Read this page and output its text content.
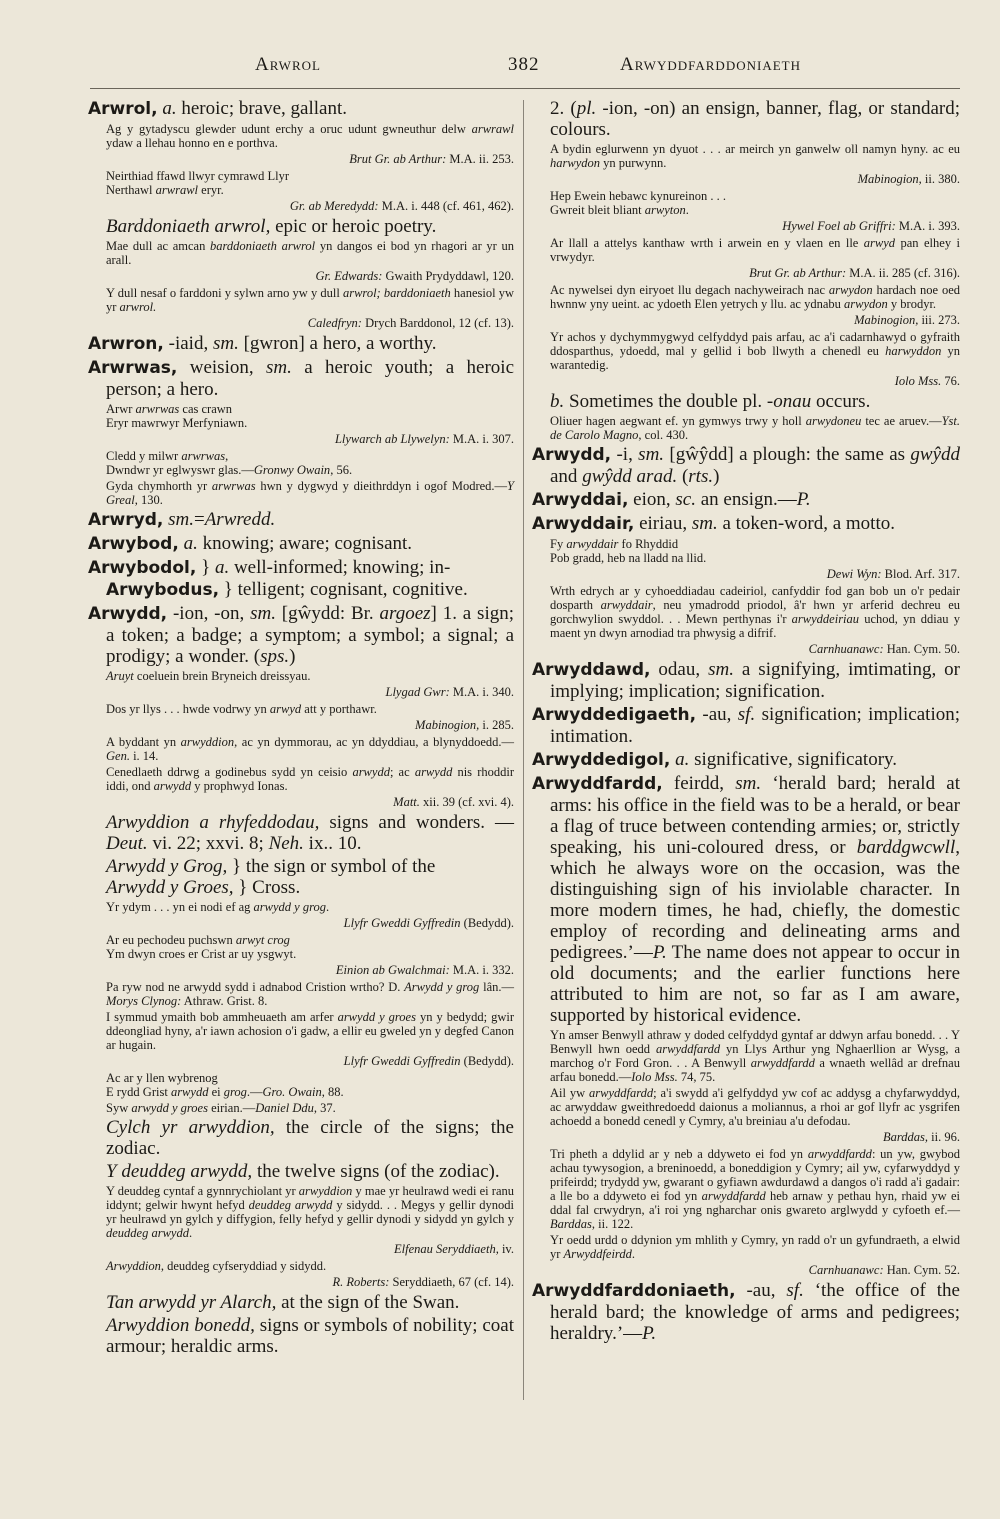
Arwrol	382	Arwyddfarddoniaeth
Arwrol, a. heroic; brave, gallant.
Ag y gytadyscu glewder udunt erchy a oruc udunt gwneuthur delw arwrawl ydaw a llehau honno en e porthva.
Brut Gr. ab Arthur: M.A. ii. 253.
Neirthiad ffawd llwyr cymrawd Llyr
Nerthawl arwrawl eryr.
Gr. ab Meredydd: M.A. i. 448 (cf. 461, 462).
Barddoniaeth arwrol, epic or heroic poetry.
Mae dull ac amcan barddoniaeth arwrol yn dangos ei bod yn rhagori ar yr un arall.
Gr. Edwards: Gwaith Prydyddawl, 120.
Y dull nesaf o farddoni y sylwn arno yw y dull arwrol; barddoniaeth hanesiol yw yr arwrol.
Caledfryn: Drych Barddonol, 12 (cf. 13).
Arwron, -iaid, sm. [gwron] a hero, a worthy.
Arwrwas, weision, sm. a heroic youth; a heroic person; a hero.
Arwr arwrwas cas crawn
Eryr mawrwyr Merfyniawn.
Llywarch ab Llywelyn: M.A. i. 307.
Cledd y milwr arwrwas,
Dwndwr yr eglwyswr glas.—Gronwy Owain, 56.
Gyda chymhorth yr arwrwas hwn y dygwyd y dieithrddyn i ogof Modred.—Y Greal, 130.
Arwryd, sm.=Arwredd.
Arwybod, a. knowing; aware; cognisant.
Arwybodol, } a. well-informed; knowing; in-
Arwybodus, } telligent; cognisant, cognitive.
Arwydd, -ion, -on, sm. [gŵydd: Br. argoez] 1. a sign; a token; a badge; a symptom; a symbol; a signal; a prodigy; a wonder. (sps.)
Aruyt coeluein brein Bryneich dreissyau.
Llygad Gwr: M.A. i. 340.
Dos yr llys . . . hwde vodrwy yn arwyd att y porthawr.
Mabinogion, i. 285.
A byddant yn arwyddion, ac yn dymmorau, ac yn ddyddiau, a blynyddoedd.—Gen. i. 14.
Cenedlaeth ddrwg a godinebus sydd yn ceisio arwydd; ac arwydd nis rhoddir iddi, ond arwydd y prophwyd Ionas.
Matt. xii. 39 (cf. xvi. 4).
Arwyddion a rhyfeddodau, signs and wonders. —Deut. vi. 22; xxvi. 8; Neh. ix.. 10.
Arwydd y Grog, } the sign or symbol of the
Arwydd y Groes, } Cross.
Yr ydym . . . yn ei nodi ef ag arwydd y grog.
Llyfr Gweddi Gyffredin (Bedydd).
Ar eu pechodeu puchswn arwyt crog
Ym dwyn croes er Crist ar uy ysgwyt.
Einion ab Gwalchmai: M.A. i. 332.
Pa ryw nod ne arwydd sydd i adnabod Cristion wrtho? D. Arwydd y grog lân.—Morys Clynog: Athraw. Grist. 8.
I symmud ymaith bob ammheuaeth am arfer arwydd y groes yn y bedydd; gwir ddeongliad hyny, a'r iawn achosion o'i gadw, a ellir eu gweled yn y degfed Canon ar hugain.
Llyfr Gweddi Gyffredin (Bedydd).
Ac ar y llen wybrenog
E rydd Grist arwydd ei grog.—Gro. Owain, 88.
Syw arwydd y groes eirian.—Daniel Ddu, 37.
Cylch yr arwyddion, the circle of the signs; the zodiac.
Y deuddeg arwydd, the twelve signs (of the zodiac).
Y deuddeg cyntaf a gynnrychiolant yr arwyddion y mae yr heulrawd wedi ei ranu iddynt; gelwir hwynt hefyd deuddeg arwydd y sidydd. . . Megys y gellir dynodi yr heulrawd yn gylch y diffygion, felly hefyd y gellir dynodi y sidydd yn gylch y deuddeg arwydd.
Elfenau Seryddiaeth, iv.
Arwyddion, deuddeg cyfseryddiad y sidydd.
R. Roberts: Seryddiaeth, 67 (cf. 14).
Tan arwydd yr Alarch, at the sign of the Swan.
Arwyddion bonedd, signs or symbols of nobility; coat armour; heraldic arms.
2. (pl. -ion, -on) an ensign, banner, flag, or standard; colours.
A bydin eglurwenn yn dyuot . . . ar meirch yn ganwelw oll namyn hyny. ac eu harwydon yn purwynn.
Mabinogion, ii. 380.
Hep Ewein hebawc kynureinon . . .
Gwreit bleit bliant arwyton.
Hywel Foel ab Griffri: M.A. i. 393.
Ar llall a attelys kanthaw wrth i arwein en y vlaen en lle arwyd pan elhey i vrwydyr.
Brut Gr. ab Arthur: M.A. ii. 285 (cf. 316).
Ac nywelsei dyn eiryoet llu degach nachyweirach nac arwydon hardach noe oed hwnnw yny ueint. ac ydoeth Elen yetrych y llu. ac ydnabu arwydon y brodyr.
Mabinogion, iii. 273.
Yr achos y dychymmygwyd celfyddyd pais arfau, ac a'i cadarnhawyd o gyfraith ddosparthus, ydoedd, mal y gellid i bob llwyth a chenedl eu harwyddon yn warantedig.
Iolo Mss. 76.
b. Sometimes the double pl. -onau occurs.
Oliuer hagen aegwant ef. yn gymwys trwy y holl arwydoneu tec ae aruev.—Yst. de Carolo Magno, col. 430.
Arwydd, -i, sm. [gŵŷdd] a plough: the same as gwŷdd and gwŷdd arad. (rts.)
Arwyddai, eion, sc. an ensign.—P.
Arwyddair, eiriau, sm. a token-word, a motto.
Fy arwyddair fo Rhyddid
Pob gradd, heb na lladd na llid.
Dewi Wyn: Blod. Arf. 317.
Wrth edrych ar y cyhoeddiadau cadeiriol, canfyddir fod gan bob un o'r pedair dosparth arwyddair, neu ymadrodd priodol, â'r hwn yr arferid dechreu eu gorchwylion swyddol. . . Mewn perthynas i'r arwyddeiriau uchod, yn ddiau y maent yn dwyn arnodiad tra phwysig a difrif.
Carnhuanawc: Han. Cym. 50.
Arwyddawd, odau, sm. a signifying, imtimating, or implying; implication; signification.
Arwyddedigaeth, -au, sf. signification; implication; intimation.
Arwyddedigol, a. significative, significatory.
Arwyddfardd, feirdd, sm. ‘herald bard; herald at arms: his office in the field was to be a herald, or bear a flag of truce between contending armies; or, strictly speaking, his uni-coloured dress, or barddgwcwll, which he always wore on the occasion, was the distinguishing sign of his inviolable character. In more modern times, he had, chiefly, the domestic employ of recording and delineating arms and pedigrees.’—P. The name does not appear to occur in old documents; and the earlier functions here attributed to him are not, so far as I am aware, supported by historical evidence.
Yn amser Benwyll athraw y doded celfyddyd gyntaf ar ddwyn arfau bonedd. . . Y Benwyll hwn oedd arwyddfardd yn Llys Arthur yng Nghaerllion ar Wysg, a marchog o'r Ford Gron. . . A Benwyll arwyddfardd a wnaeth wellâd ar drefnau arfau bonedd.—Iolo Mss. 74, 75.
Ail yw arwyddfardd; a'i swydd a'i gelfyddyd yw cof ac addysg a chyfarwyddyd, ac arwyddaw gweithredoedd daionus a moliannus, a rhoi ar gof llyfr ac ysgrifen achoedd a bonedd cenedl y Cymry, a'u breiniau a'u defodau.
Barddas, ii. 96.
Tri pheth a ddylid ar y neb a ddyweto ei fod yn arwyddfardd: un yw, gwybod achau tywysogion, a breninoedd, a boneddigion y Cymry; ail yw, cyfarwyddyd y prifeirdd; trydydd yw, gwarant o gyfiawn awdurdawd a dangos o'i radd a'i gadair: a lle bo a ddyweto ei fod yn arwyddfardd heb arnaw y pethau hyn, rhaid yw ei ddal fal crwydryn, a'i roi yng ngharchar onis gwareto arglwydd y cyfoeth ef.—Barddas, ii. 122.
Yr oedd urdd o ddynion ym mhlith y Cymry, yn radd o'r un gyfundraeth, a elwid yr Arwyddfeirdd.
Carnhuanawc: Han. Cym. 52.
Arwyddfarddoniaeth, -au, sf. ‘the office of the herald bard; the knowledge of arms and pedigrees; heraldry.’—P.
